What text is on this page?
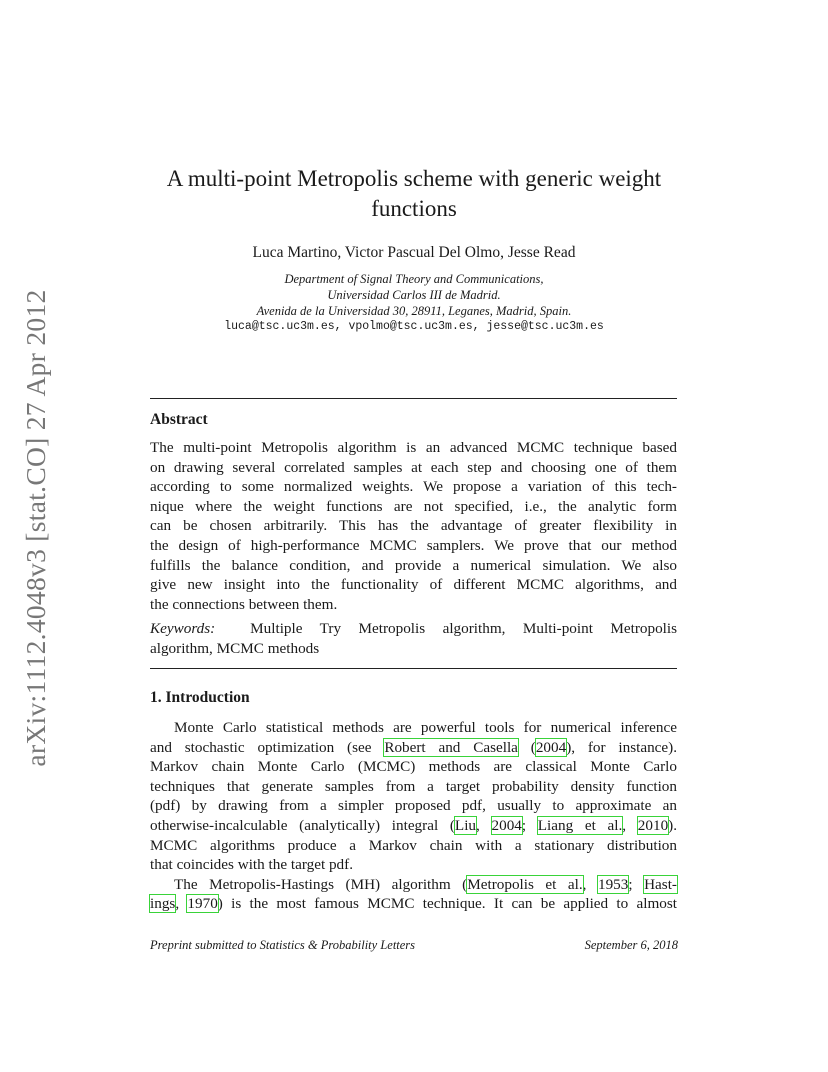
arXiv:1112.4048v3 [stat.CO] 27 Apr 2012
A multi-point Metropolis scheme with generic weight
functions
Luca Martino, Victor Pascual Del Olmo, Jesse Read
Department of Signal Theory and Communications,
Universidad Carlos III de Madrid.
Avenida de la Universidad 30, 28911, Leganes, Madrid, Spain.
luca@tsc.uc3m.es, vpolmo@tsc.uc3m.es, jesse@tsc.uc3m.es
Abstract
The multi-point Metropolis algorithm is an advanced MCMC technique based
on drawing several correlated samples at each step and choosing one of them
according to some normalized weights. We propose a variation of this tech-
nique where the weight functions are not specified, i.e., the analytic form
can be chosen arbitrarily. This has the advantage of greater flexibility in
the design of high-performance MCMC samplers. We prove that our method
fulfills the balance condition, and provide a numerical simulation. We also
give new insight into the functionality of different MCMC algorithms, and
the connections between them.
Keywords: Multiple Try Metropolis algorithm, Multi-point Metropolis
algorithm, MCMC methods
1. Introduction
Monte Carlo statistical methods are powerful tools for numerical inference
and stochastic optimization (see Robert and Casella (2004), for instance).
Markov chain Monte Carlo (MCMC) methods are classical Monte Carlo
techniques that generate samples from a target probability density function
(pdf) by drawing from a simpler proposed pdf, usually to approximate an
otherwise-incalculable (analytically) integral (Liu, 2004; Liang et al., 2010).
MCMC algorithms produce a Markov chain with a stationary distribution
that coincides with the target pdf.
The Metropolis-Hastings (MH) algorithm (Metropolis et al., 1953; Hast-
ings, 1970) is the most famous MCMC technique. It can be applied to almost
Preprint submitted to Statistics & Probability Letters	September 6, 2018
